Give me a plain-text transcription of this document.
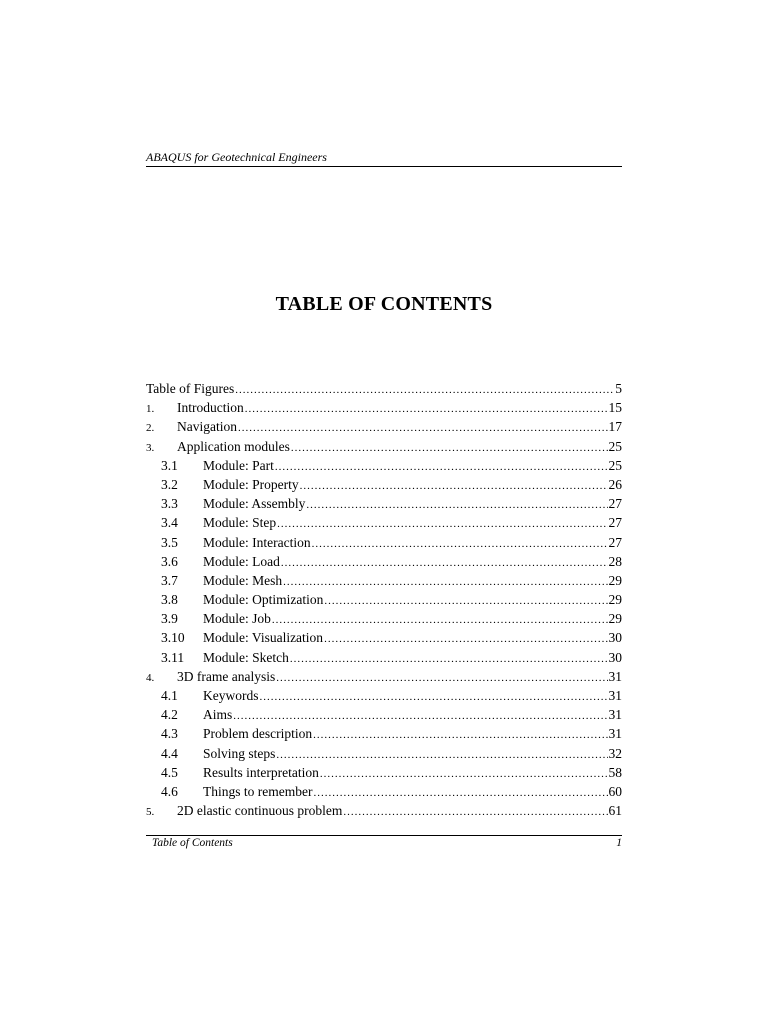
ABAQUS for Geotechnical Engineers
TABLE OF CONTENTS
Table of Figures .....	5
1.	Introduction .....	15
2.	Navigation .....	17
3.	Application modules .....	25
3.1	Module: Part .....	25
3.2	Module: Property .....	26
3.3	Module: Assembly .....	27
3.4	Module: Step .....	27
3.5	Module: Interaction .....	27
3.6	Module: Load .....	28
3.7	Module: Mesh .....	29
3.8	Module: Optimization .....	29
3.9	Module: Job .....	29
3.10	Module: Visualization .....	30
3.11	Module: Sketch .....	30
4.	3D frame analysis .....	31
4.1	Keywords .....	31
4.2	Aims .....	31
4.3	Problem description .....	31
4.4	Solving steps .....	32
4.5	Results interpretation .....	58
4.6	Things to remember .....	60
5.	2D elastic continuous problem .....	61
Table of Contents	1
